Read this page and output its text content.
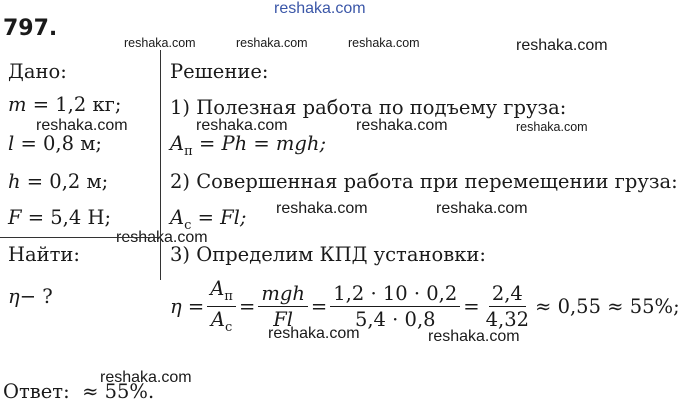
797.
reshaka.com
reshaka.com	reshaka.com	reshaka.com	reshaka.com
reshaka.com	reshaka.com	reshaka.com	reshaka.com
reshaka.com	reshaka.com
reshaka.com
reshaka.com	reshaka.com
reshaka.com
Дано:
m = 1,2 кг;
l = 0,8 м;
h = 0,2 м;
F = 5,4 Н;
Найти:
η− ?
Решение:
1) Полезная работа по подъему груза:
$A_п = Ph$ = mgh;
2) Совершенная работа при перемещении груза:
$A_с = Fl$;
3) Определим КПД установки:
$\eta = \frac{A_п}{A_с} = \frac{\text{mgh}}{Fl} = \frac{1,2 \cdot 10 \cdot 0,2}{5,4 \cdot 0,8} = \frac{2,4}{4,32} \approx 0,55 \approx 55\%$;
Ответ: ≈ 55%.
